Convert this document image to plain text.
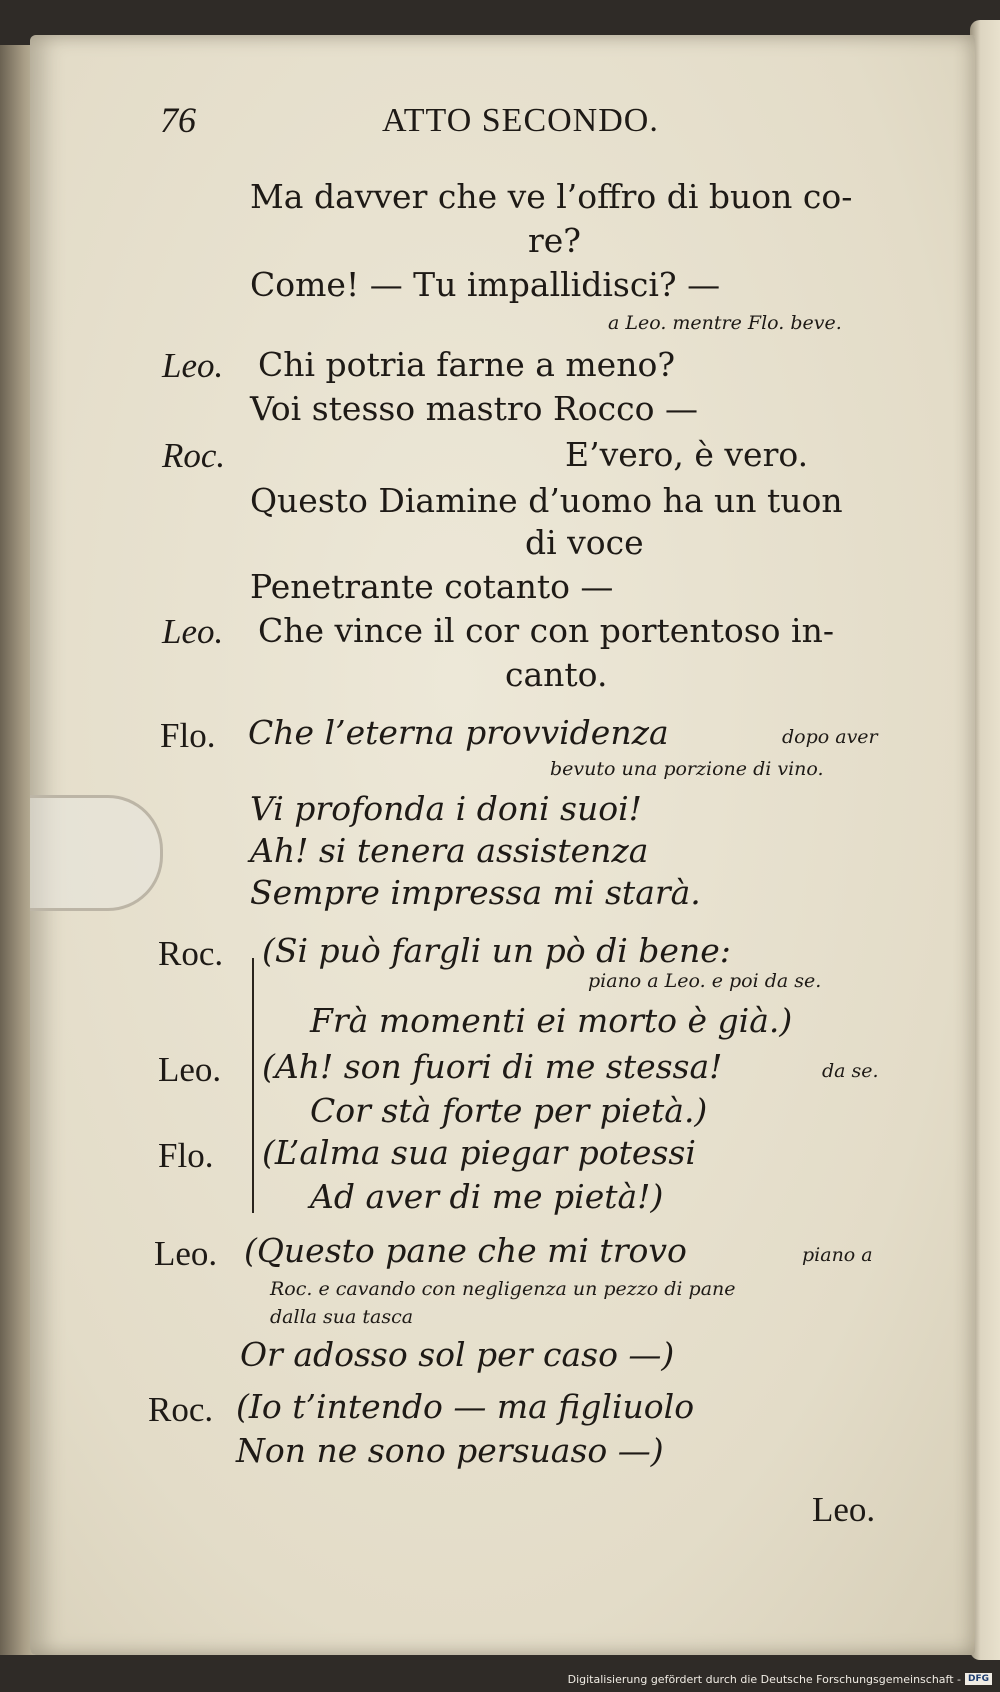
76	ATTO SECONDO.
Ma davver che ve l’offro di buon co-
re?
Come! — Tu impallidisci? —
a Leo. mentre Flo. beve.
Leo. Chi potria farne a meno?
Voi stesso mastro Rocco —
Roc.	E’vero, è vero.
Questo Diamine d’uomo ha un tuon
di voce
Penetrante cotanto —
Leo. Che vince il cor con portentoso in-
canto.
Flo. Che l’eterna provvidenza	dopo aver
bevuto una porzione di vino.
Vi profonda i doni suoi!
Ah! si tenera assistenza
Sempre impressa mi starà.
Roc. (Si può fargli un pò di bene:
piano a Leo. e poi da se.
Frà momenti ei morto è già.)
Leo. (Ah! son fuori di me stessa!	da se.
Cor stà forte per pietà.)
Flo. (L’alma sua piegar potessi
Ad aver di me pietà!)
Leo. (Questo pane che mi trovo	piano a
Roc. e cavando con negligenza un pezzo di pane
dalla sua tasca
Or adosso sol per caso —)
Roc. (Io t’intendo — ma figliuolo
Non ne sono persuaso —)
Leo.
Digitalisierung gefördert durch die Deutsche Forschungsgemeinschaft - DFG
